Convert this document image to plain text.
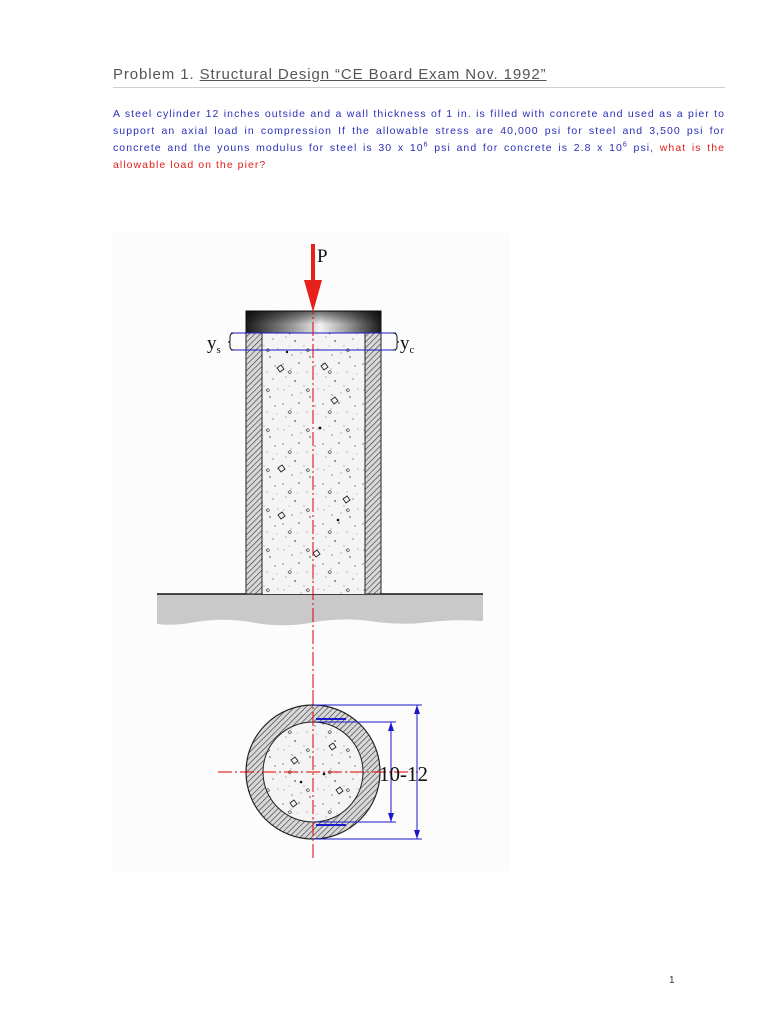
Problem 1. Structural Design “CE Board Exam Nov. 1992”

A steel cylinder 12 inches outside and a wall thickness of 1 in. is filled with concrete and used as a pier to support an axial load in compression If the allowable stress are 40,000 psi for steel and 3,500 psi for concrete and the youns modulus for steel is 30 x $10^6$ psi and for concrete is 2.8 x $10^6$ psi, what is the allowable load on the pier?

P
$y_s$	$y_c$
10-12
1
